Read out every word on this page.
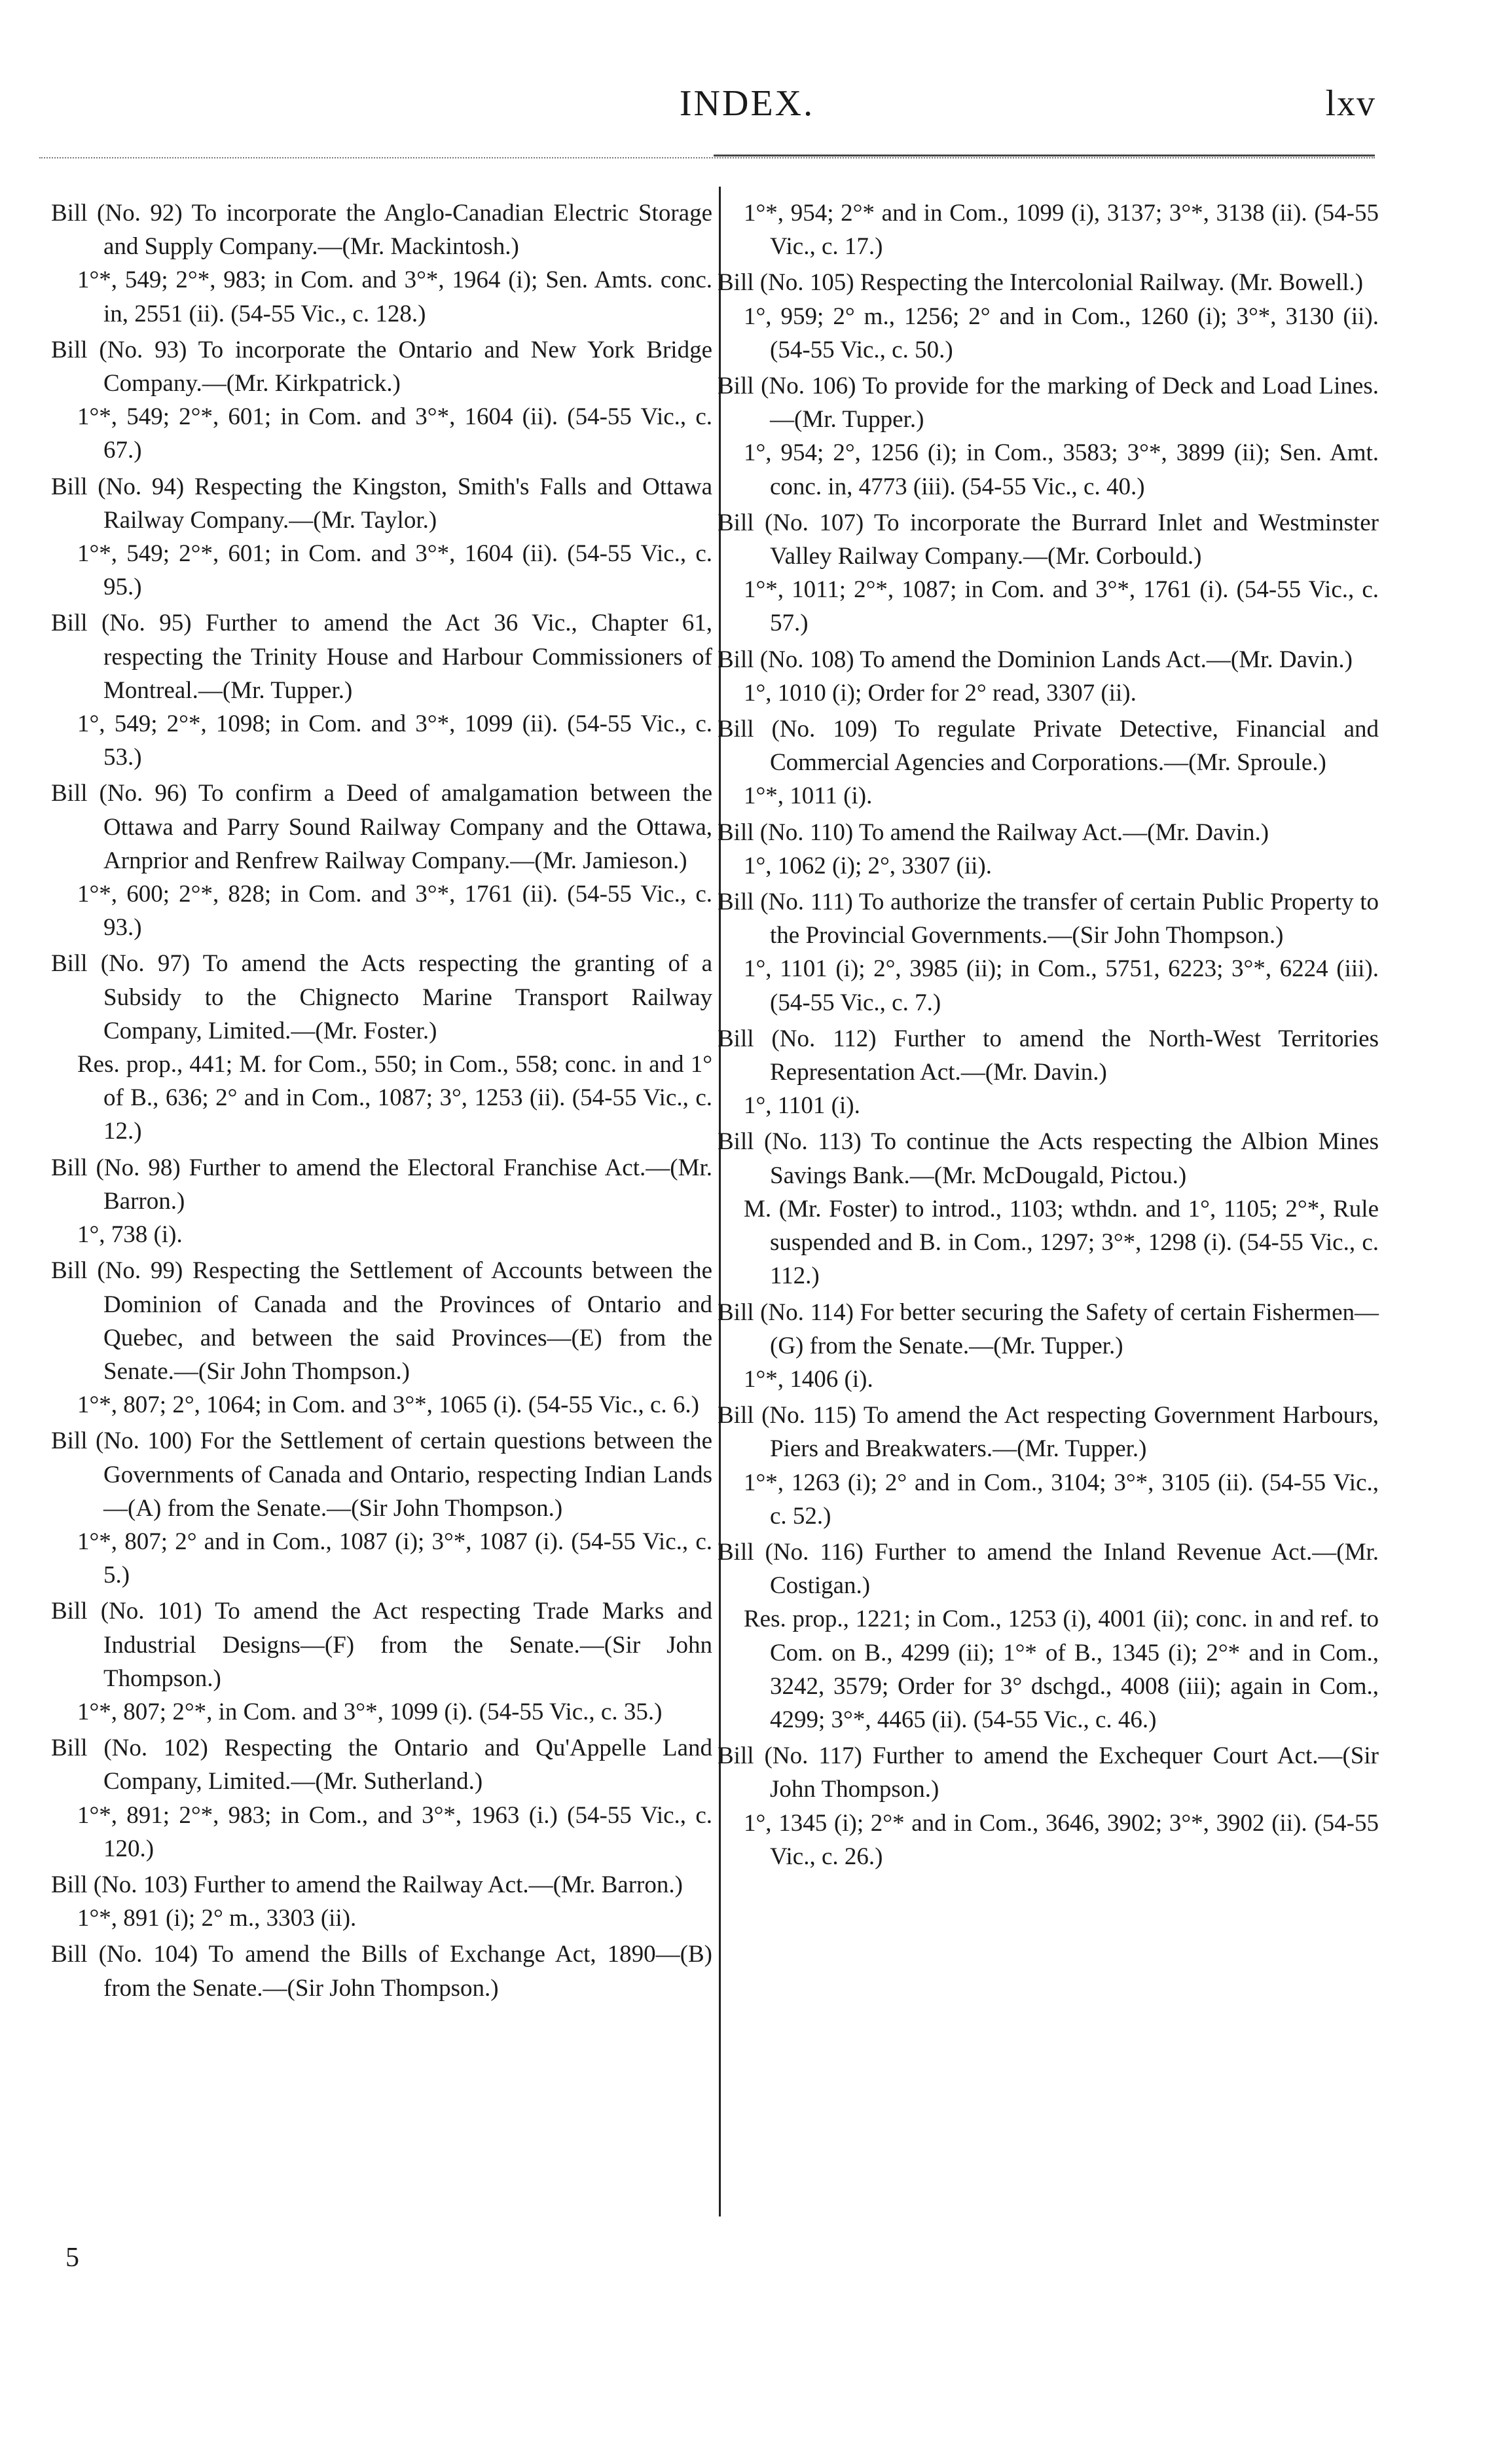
INDEX.	lxv

Bill (No. 92) To incorporate the Anglo-Canadian Electric Storage and Supply Company.—(Mr. Mackintosh.)

1°*, 549; 2°*, 983; in Com. and 3°*, 1964 (i); Sen. Amts. conc. in, 2551 (ii). (54-55 Vic., c. 128.)

Bill (No. 93) To incorporate the Ontario and New York Bridge Company.—(Mr. Kirkpatrick.)

1°*, 549; 2°*, 601; in Com. and 3°*, 1604 (ii). (54-55 Vic., c. 67.)

Bill (No. 94) Respecting the Kingston, Smith's Falls and Ottawa Railway Company.—(Mr. Taylor.)

1°*, 549; 2°*, 601; in Com. and 3°*, 1604 (ii). (54-55 Vic., c. 95.)

Bill (No. 95) Further to amend the Act 36 Vic., Chapter 61, respecting the Trinity House and Harbour Commissioners of Montreal.—(Mr. Tupper.)

1°, 549; 2°*, 1098; in Com. and 3°*, 1099 (ii). (54-55 Vic., c. 53.)

Bill (No. 96) To confirm a Deed of amalgamation between the Ottawa and Parry Sound Railway Company and the Ottawa, Arnprior and Renfrew Railway Company.—(Mr. Jamieson.)

1°*, 600; 2°*, 828; in Com. and 3°*, 1761 (ii). (54-55 Vic., c. 93.)

Bill (No. 97) To amend the Acts respecting the granting of a Subsidy to the Chignecto Marine Transport Railway Company, Limited.—(Mr. Foster.)

Res. prop., 441; M. for Com., 550; in Com., 558; conc. in and 1° of B., 636; 2° and in Com., 1087; 3°, 1253 (ii). (54-55 Vic., c. 12.)

Bill (No. 98) Further to amend the Electoral Franchise Act.—(Mr. Barron.)

1°, 738 (i).

Bill (No. 99) Respecting the Settlement of Accounts between the Dominion of Canada and the Provinces of Ontario and Quebec, and between the said Provinces—(E) from the Senate.—(Sir John Thompson.)

1°*, 807; 2°, 1064; in Com. and 3°*, 1065 (i). (54-55 Vic., c. 6.)

Bill (No. 100) For the Settlement of certain questions between the Governments of Canada and Ontario, respecting Indian Lands—(A) from the Senate.—(Sir John Thompson.)

1°*, 807; 2° and in Com., 1087 (i); 3°*, 1087 (i). (54-55 Vic., c. 5.)

Bill (No. 101) To amend the Act respecting Trade Marks and Industrial Designs—(F) from the Senate.—(Sir John Thompson.)

1°*, 807; 2°*, in Com. and 3°*, 1099 (i). (54-55 Vic., c. 35.)

Bill (No. 102) Respecting the Ontario and Qu'Appelle Land Company, Limited.—(Mr. Sutherland.)

1°*, 891; 2°*, 983; in Com., and 3°*, 1963 (i.) (54-55 Vic., c. 120.)

Bill (No. 103) Further to amend the Railway Act.—(Mr. Barron.)

1°*, 891 (i); 2° m., 3303 (ii).

Bill (No. 104) To amend the Bills of Exchange Act, 1890—(B) from the Senate.—(Sir John Thompson.)

1°*, 954; 2°* and in Com., 1099 (i), 3137; 3°*, 3138 (ii). (54-55 Vic., c. 17.)

Bill (No. 105) Respecting the Intercolonial Railway. (Mr. Bowell.)

1°, 959; 2° m., 1256; 2° and in Com., 1260 (i); 3°*, 3130 (ii). (54-55 Vic., c. 50.)

Bill (No. 106) To provide for the marking of Deck and Load Lines.—(Mr. Tupper.)

1°, 954; 2°, 1256 (i); in Com., 3583; 3°*, 3899 (ii); Sen. Amt. conc. in, 4773 (iii). (54-55 Vic., c. 40.)

Bill (No. 107) To incorporate the Burrard Inlet and Westminster Valley Railway Company.—(Mr. Corbould.)

1°*, 1011; 2°*, 1087; in Com. and 3°*, 1761 (i). (54-55 Vic., c. 57.)

Bill (No. 108) To amend the Dominion Lands Act.—(Mr. Davin.)

1°, 1010 (i); Order for 2° read, 3307 (ii).

Bill (No. 109) To regulate Private Detective, Financial and Commercial Agencies and Corporations.—(Mr. Sproule.)

1°*, 1011 (i).

Bill (No. 110) To amend the Railway Act.—(Mr. Davin.)

1°, 1062 (i); 2°, 3307 (ii).

Bill (No. 111) To authorize the transfer of certain Public Property to the Provincial Governments.—(Sir John Thompson.)

1°, 1101 (i); 2°, 3985 (ii); in Com., 5751, 6223; 3°*, 6224 (iii). (54-55 Vic., c. 7.)

Bill (No. 112) Further to amend the North-West Territories Representation Act.—(Mr. Davin.)

1°, 1101 (i).

Bill (No. 113) To continue the Acts respecting the Albion Mines Savings Bank.—(Mr. McDougald, Pictou.)

M. (Mr. Foster) to introd., 1103; wthdn. and 1°, 1105; 2°*, Rule suspended and B. in Com., 1297; 3°*, 1298 (i). (54-55 Vic., c. 112.)

Bill (No. 114) For better securing the Safety of certain Fishermen—(G) from the Senate.—(Mr. Tupper.)

1°*, 1406 (i).

Bill (No. 115) To amend the Act respecting Government Harbours, Piers and Breakwaters.—(Mr. Tupper.)

1°*, 1263 (i); 2° and in Com., 3104; 3°*, 3105 (ii). (54-55 Vic., c. 52.)

Bill (No. 116) Further to amend the Inland Revenue Act.—(Mr. Costigan.)

Res. prop., 1221; in Com., 1253 (i), 4001 (ii); conc. in and ref. to Com. on B., 4299 (ii); 1°* of B., 1345 (i); 2°* and in Com., 3242, 3579; Order for 3° dschgd., 4008 (iii); again in Com., 4299; 3°*, 4465 (ii). (54-55 Vic., c. 46.)

Bill (No. 117) Further to amend the Exchequer Court Act.—(Sir John Thompson.)

1°, 1345 (i); 2°* and in Com., 3646, 3902; 3°*, 3902 (ii). (54-55 Vic., c. 26.)

5
